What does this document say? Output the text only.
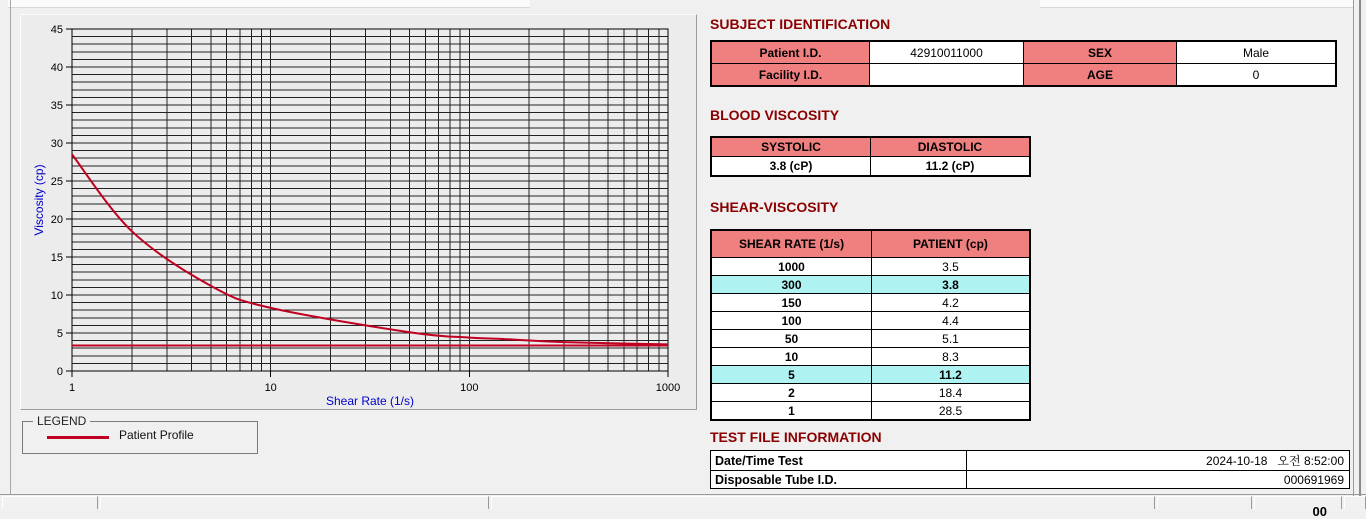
0
5
10
15
20
25
30
35
40
45
1	10	100	1000
Shear Rate (1/s)
Viscosity (cp)
LEGEND
Patient Profile
SUBJECT IDENTIFICATION
Patient I.D.	42910011000	SEX	Male
Facility I.D.		AGE	0
BLOOD VISCOSITY
SYSTOLIC	DIASTOLIC
3.8 (cP)	11.2 (cP)
SHEAR-VISCOSITY
SHEAR RATE (1/s)	PATIENT (cp)
1000	3.5
300	3.8
150	4.2
100	4.4
50	5.1
10	8.3
5	11.2
2	18.4
1	28.5
TEST FILE INFORMATION
Date/Time Test	2024-10-18   오전 8:52:00
Disposable Tube I.D.	000691969
00
